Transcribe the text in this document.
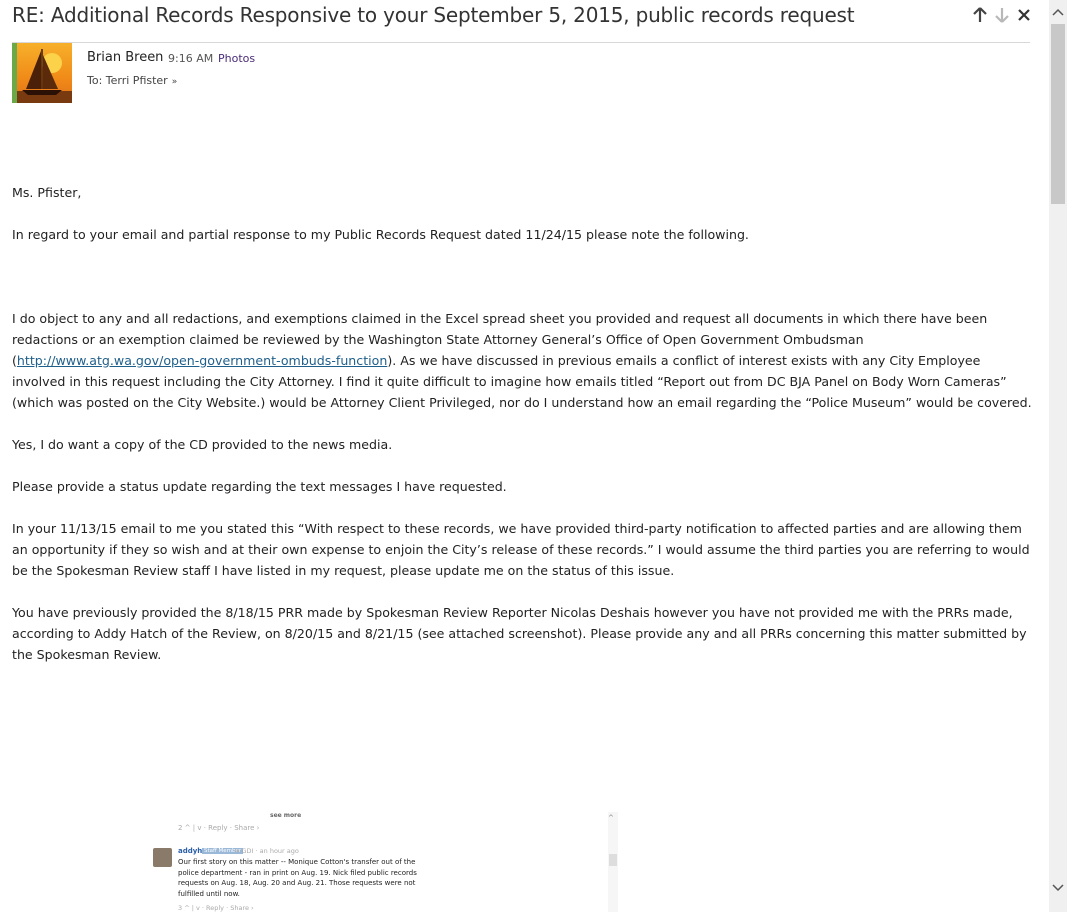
RE: Additional Records Responsive to your September 5, 2015, public records request
Brian Breen 9:16 AM Photos
To: Terri Pfister »

Ms. Pfister,

In regard to your email and partial response to my Public Records Request dated 11/24/15 please note the following.

I do object to any and all redactions, and exemptions claimed in the Excel spread sheet you provided and request all documents in which there have been redactions or an exemption claimed be reviewed by the Washington State Attorney General’s Office of Open Government Ombudsman (http://www.atg.wa.gov/open-government-ombuds-function). As we have discussed in previous emails a conflict of interest exists with any City Employee involved in this request including the City Attorney. I find it quite difficult to imagine how emails titled “Report out from DC BJA Panel on Body Worn Cameras” (which was posted on the City Website.) would be Attorney Client Privileged, nor do I understand how an email regarding the “Police Museum” would be covered.

Yes, I do want a copy of the CD provided to the news media.

Please provide a status update regarding the text messages I have requested.

In your 11/13/15 email to me you stated this “With respect to these records, we have provided third-party notification to affected parties and are allowing them an opportunity if they so wish and at their own expense to enjoin the City’s release of these records.” I would assume the third parties you are referring to would be the Spokesman Review staff I have listed in my request, please update me on the status of this issue.

You have previously provided the 8/18/15 PRR made by Spokesman Review Reporter Nicolas Deshais however you have not provided me with the PRRs made, according to Addy Hatch of the Review, on 8/20/15 and 8/21/15 (see attached screenshot). Please provide any and all PRRs concerning this matter submitted by the Spokesman Review.

see more
2 ^ | v · Reply · Share ›
addyh Staff Member
➜ GDI · an hour ago
Our first story on this matter -- Monique Cotton's transfer out of the police department - ran in print on Aug. 19. Nick filed public records requests on Aug. 18, Aug. 20 and Aug. 21. Those requests were not fulfilled until now.
3 ^ | v · Reply · Share ›
^
